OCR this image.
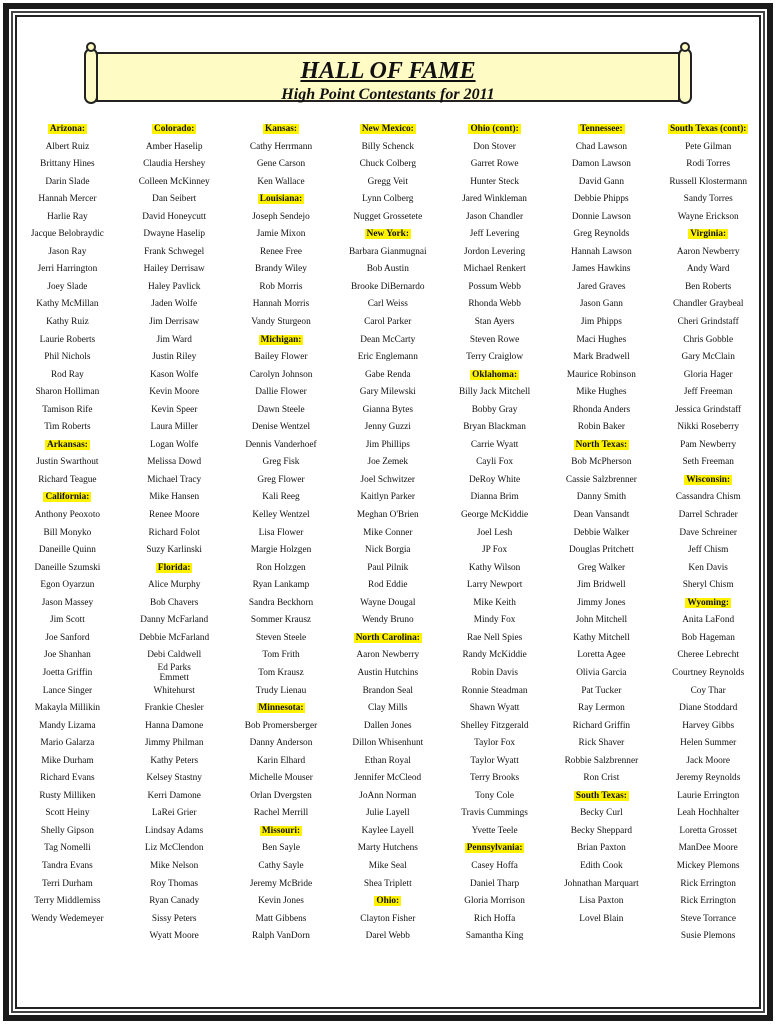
HALL OF FAME
High Point Contestants for 2011
Arizona:
Albert Ruiz
Brittany Hines
Darin Slade
Hannah Mercer
Harlie Ray
Jacque Belobraydic
Jason Ray
Jerri Harrington
Joey Slade
Kathy McMillan
Kathy Ruiz
Laurie Roberts
Phil Nichols
Rod Ray
Sharon Holliman
Tamison Rife
Tim Roberts
Arkansas:
Justin Swarthout
Richard Teague
California:
Anthony Peoxoto
Bill Monyko
Daneille Quinn
Daneille Szumski
Egon Oyarzun
Jason Massey
Jim Scott
Joe Sanford
Joe Shanhan
Joetta Griffin
Lance Singer
Makayla Millikin
Mandy Lizama
Mario Galarza
Mike Durham
Richard Evans
Rusty Milliken
Scott Heiny
Shelly Gipson
Tag Nomelli
Tandra Evans
Terri Durham
Terry Middlemiss
Wendy Wedemeyer
Colorado:
Amber Haselip
Claudia Hershey
Colleen McKinney
Dan Seibert
David Honeycutt
Dwayne Haselip
Frank Schwegel
Hailey Derrisaw
Haley Pavlick
Jaden Wolfe
Jim Derrisaw
Jim Ward
Justin Riley
Kason Wolfe
Kevin Moore
Kevin Speer
Laura Miller
Logan Wolfe
Melissa Dowd
Michael Tracy
Mike Hansen
Renee Moore
Richard Folot
Suzy Karlinski
Florida:
Alice Murphy
Bob Chavers
Danny McFarland
Debbie McFarland
Debi Caldwell
Ed Parks
Emmett
Whitehurst
Frankie Chesler
Hanna Damone
Jimmy Philman
Kathy Peters
Kelsey Stastny
Kerri Damone
LaRei Grier
Lindsay Adams
Liz McClendon
Mike Nelson
Roy Thomas
Ryan Canady
Sissy Peters
Wyatt Moore
Kansas:
Cathy Herrmann
Gene Carson
Ken Wallace
Louisiana:
Joseph Sendejo
Jamie Mixon
Renee Free
Brandy Wiley
Rob Morris
Hannah Morris
Vandy Sturgeon
Michigan:
Bailey Flower
Carolyn Johnson
Dallie Flower
Dawn Steele
Denise Wentzel
Dennis Vanderhoef
Greg Fisk
Greg Flower
Kali Reeg
Kelley Wentzel
Lisa Flower
Margie Holzgen
Ron Holzgen
Ryan Lankamp
Sandra Beckhorn
Sommer Krausz
Steven Steele
Tom Frith
Tom Krausz
Trudy Lienau
Minnesota:
Bob Promersberger
Danny Anderson
Karin Elhard
Michelle Mouser
Orlan Dvergsten
Rachel Merrill
Missouri:
Ben Sayle
Cathy Sayle
Jeremy McBride
Kevin Jones
Matt Gibbens
Ralph VanDorn
New Mexico:
Billy Schenck
Chuck Colberg
Gregg Veit
Lynn Colberg
Nugget Grossetete
New York:
Barbara Gianmugnai
Bob Austin
Brooke DiBernardo
Carl Weiss
Carol Parker
Dean McCarty
Eric Englemann
Gabe Renda
Gary Milewski
Gianna Bytes
Jenny Guzzi
Jim Phillips
Joe Zemek
Joel Schwitzer
Kaitlyn Parker
Meghan O'Brien
Mike Conner
Nick Borgia
Paul Pilnik
Rod Eddie
Wayne Dougal
Wendy Bruno
North Carolina:
Aaron Newberry
Austin Hutchins
Brandon Seal
Clay Mills
Dallen Jones
Dillon Whisenhunt
Ethan Royal
Jennifer McCleod
JoAnn Norman
Julie Layell
Kaylee Layell
Marty Hutchens
Mike Seal
Shea Triplett
Ohio:
Clayton Fisher
Darel Webb
Ohio (cont):
Don Stover
Garret Rowe
Hunter Steck
Jared Winkleman
Jason Chandler
Jeff Levering
Jordon Levering
Michael Renkert
Possum Webb
Rhonda Webb
Stan Ayers
Steven Rowe
Terry Craiglow
Oklahoma:
Billy Jack Mitchell
Bobby Gray
Bryan Blackman
Carrie Wyatt
Cayli Fox
DeRoy White
Dianna Brim
George McKiddie
Joel Lesh
JP Fox
Kathy Wilson
Larry Newport
Mike Keith
Mindy Fox
Rae Nell Spies
Randy McKiddie
Robin Davis
Ronnie Steadman
Shawn Wyatt
Shelley Fitzgerald
Taylor Fox
Taylor Wyatt
Terry Brooks
Tony Cole
Travis Cummings
Yvette Teele
Pennsylvania:
Casey Hoffa
Daniel Tharp
Gloria Morrison
Rich Hoffa
Samantha King
Tennessee:
Chad Lawson
Damon Lawson
David Gann
Debbie Phipps
Donnie Lawson
Greg Reynolds
Hannah Lawson
James Hawkins
Jared Graves
Jason Gann
Jim Phipps
Maci Hughes
Mark Bradwell
Maurice Robinson
Mike Hughes
Rhonda Anders
Robin Baker
North Texas:
Bob McPherson
Cassie Salzbrenner
Danny Smith
Dean Vansandt
Debbie Walker
Douglas Pritchett
Greg Walker
Jim Bridwell
Jimmy Jones
John Mitchell
Kathy Mitchell
Loretta Agee
Olivia Garcia
Pat Tucker
Ray Lermon
Richard Griffin
Rick Shaver
Robbie Salzbrenner
Ron Crist
South Texas:
Becky Curl
Becky Sheppard
Brian Paxton
Edith Cook
Johnathan Marquart
Lisa Paxton
Lovel Blain
South Texas (cont):
Pete Gilman
Rodi Torres
Russell Klostermann
Sandy Torres
Wayne Erickson
Virginia:
Aaron Newberry
Andy Ward
Ben Roberts
Chandler Graybeal
Cheri Grindstaff
Chris Gobble
Gary McClain
Gloria Hager
Jeff Freeman
Jessica Grindstaff
Nikki Roseberry
Pam Newberry
Seth Freeman
Wisconsin:
Cassandra Chism
Darrel Schrader
Dave Schreiner
Jeff Chism
Ken Davis
Sheryl Chism
Wyoming:
Anita LaFond
Bob Hageman
Cheree Lebrecht
Courtney Reynolds
Coy Thar
Diane Stoddard
Harvey Gibbs
Helen Summer
Jack Moore
Jeremy Reynolds
Laurie Errington
Leah Hochhalter
Loretta Grosset
ManDee Moore
Mickey Plemons
Rick Errington
Rick Errington
Steve Torrance
Susie Plemons
